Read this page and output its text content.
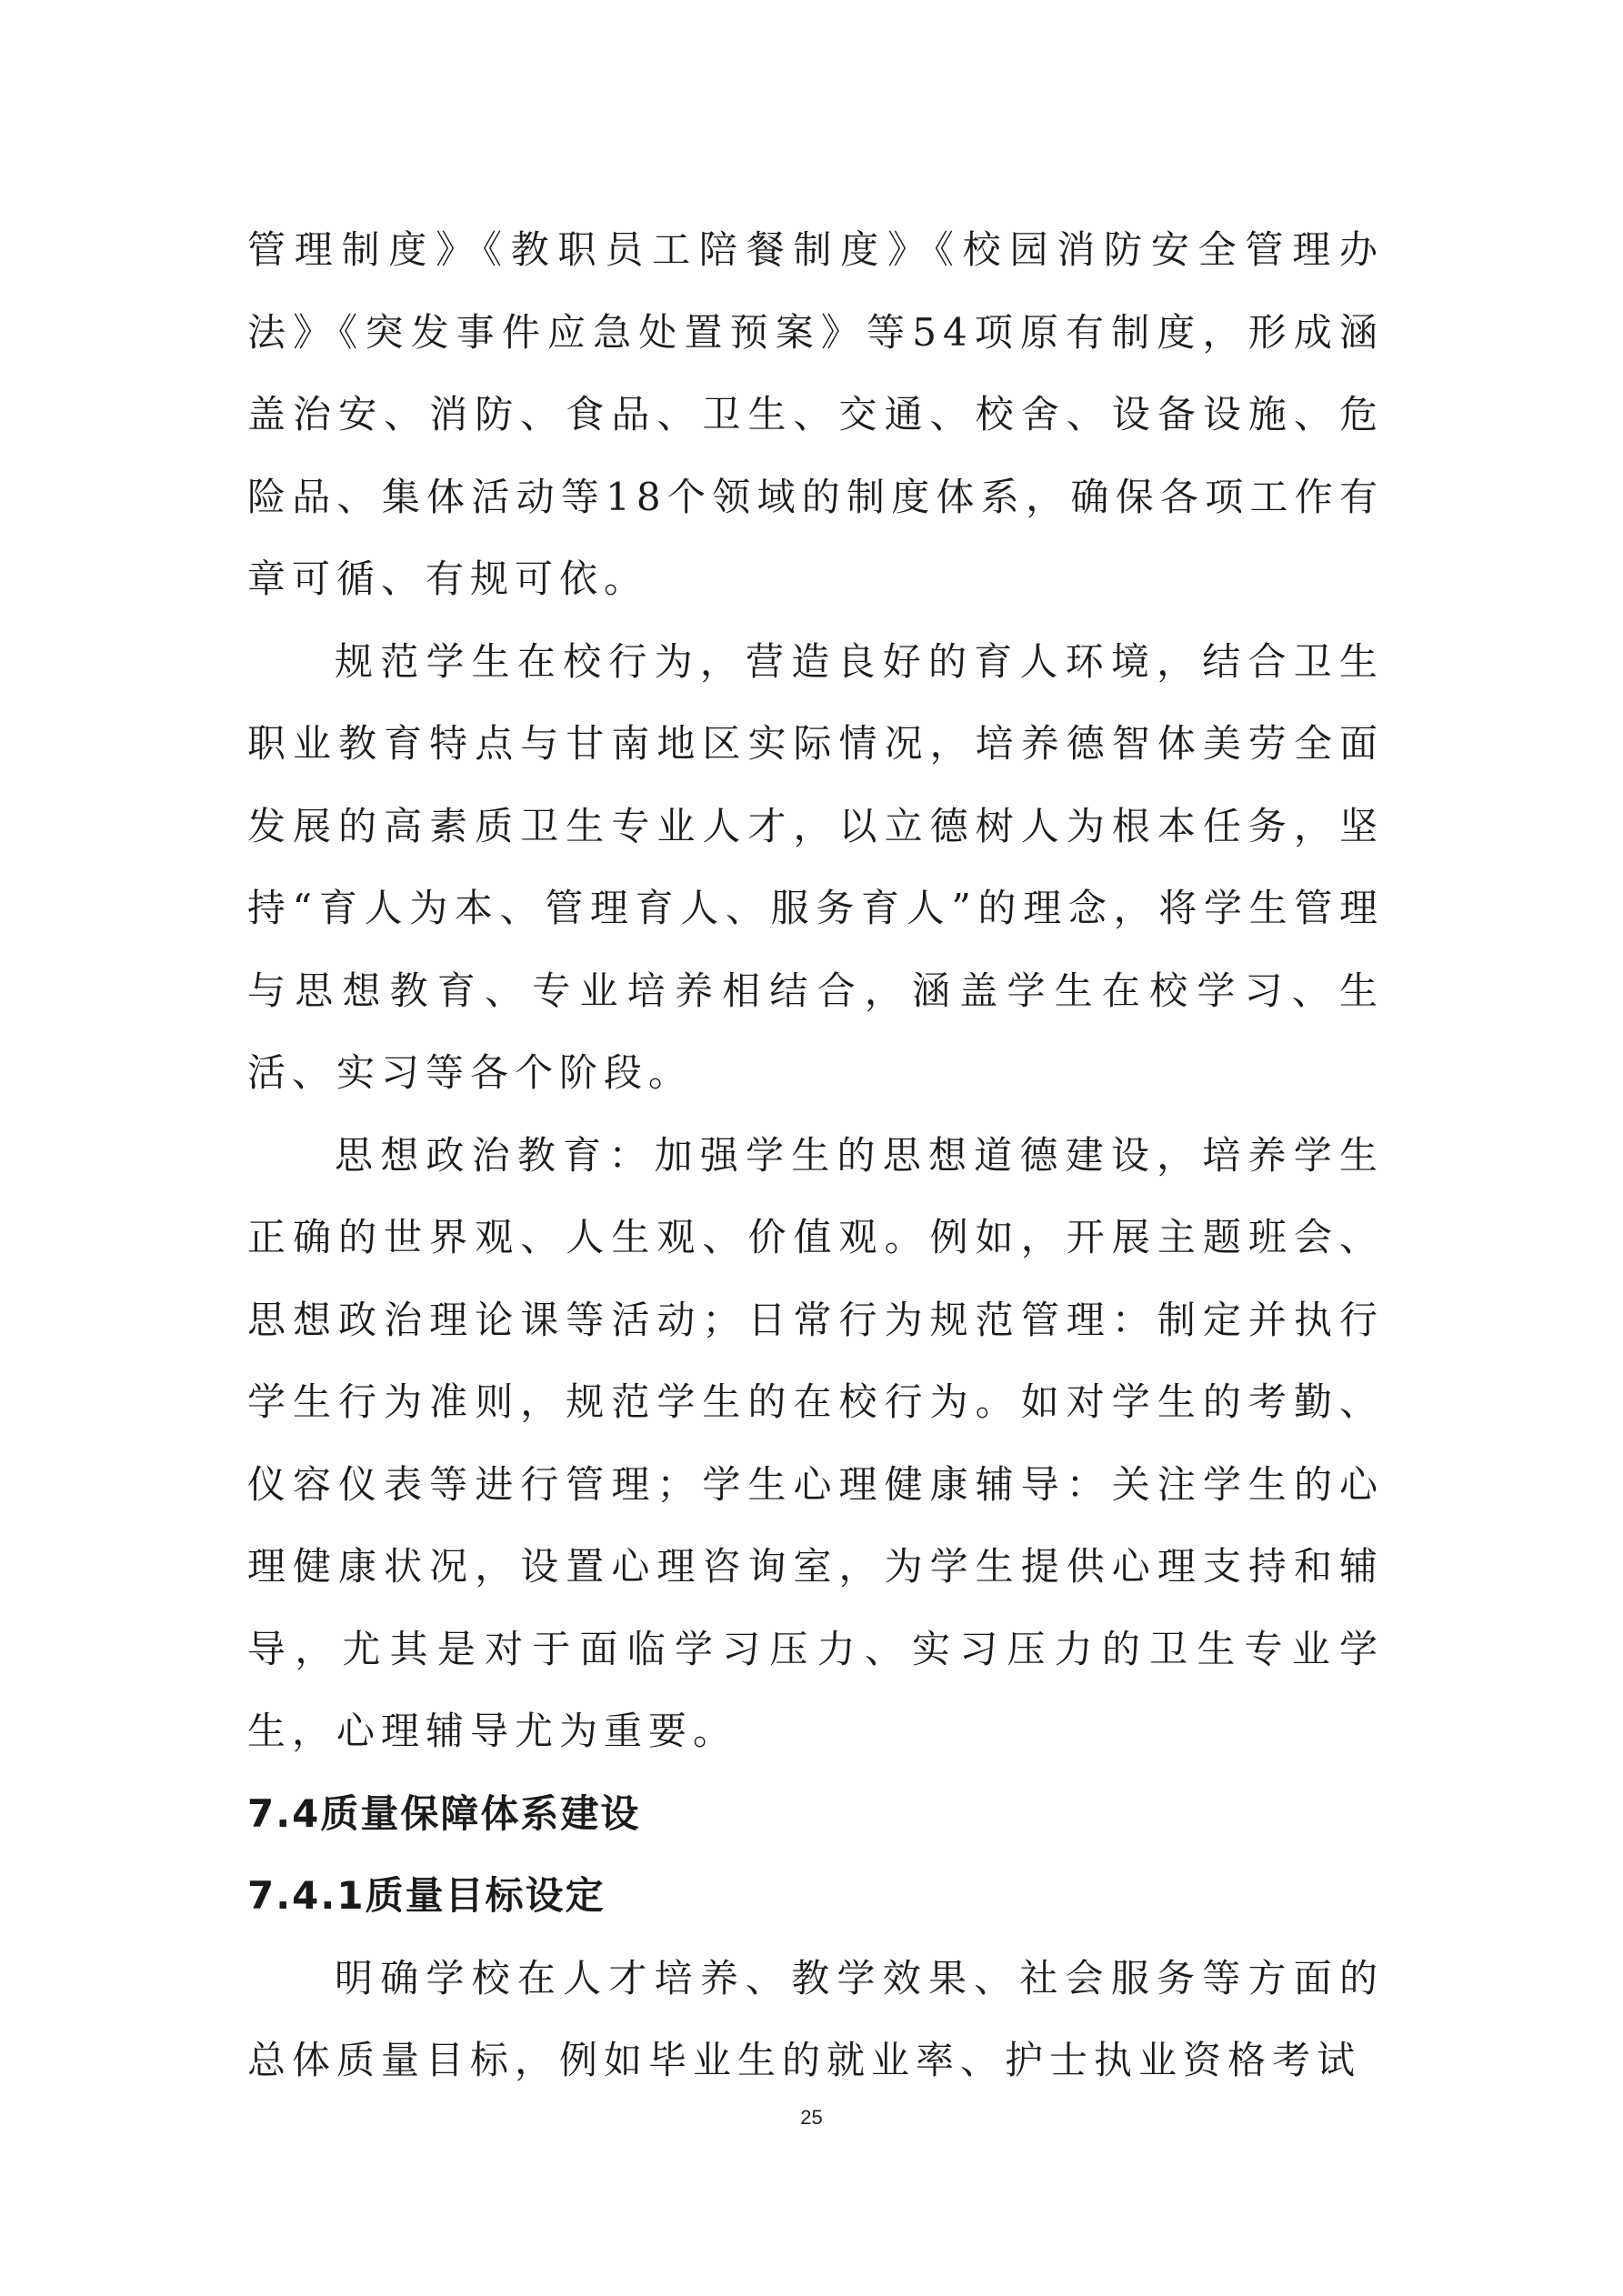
管理制度》《教职员工陪餐制度》《校园消防安全管理办法》《突发事件应急处置预案》等54项原有制度，形成涵盖治安、消防、食品、卫生、交通、校舍、设备设施、危险品、集体活动等18个领域的制度体系，确保各项工作有章可循、有规可依。

规范学生在校行为，营造良好的育人环境，结合卫生职业教育特点与甘南地区实际情况，培养德智体美劳全面发展的高素质卫生专业人才，以立德树人为根本任务，坚持“育人为本、管理育人、服务育人”的理念，将学生管理与思想教育、专业培养相结合，涵盖学生在校学习、生活、实习等各个阶段。

思想政治教育：加强学生的思想道德建设，培养学生正确的世界观、人生观、价值观。例如，开展主题班会、思想政治理论课等活动；日常行为规范管理：制定并执行学生行为准则，规范学生的在校行为。如对学生的考勤、仪容仪表等进行管理；学生心理健康辅导：关注学生的心理健康状况，设置心理咨询室，为学生提供心理支持和辅导，尤其是对于面临学习压力、实习压力的卫生专业学生，心理辅导尤为重要。

7.4质量保障体系建设
7.4.1质量目标设定

明确学校在人才培养、教学效果、社会服务等方面的总体质量目标，例如毕业生的就业率、护士执业资格考试

25
